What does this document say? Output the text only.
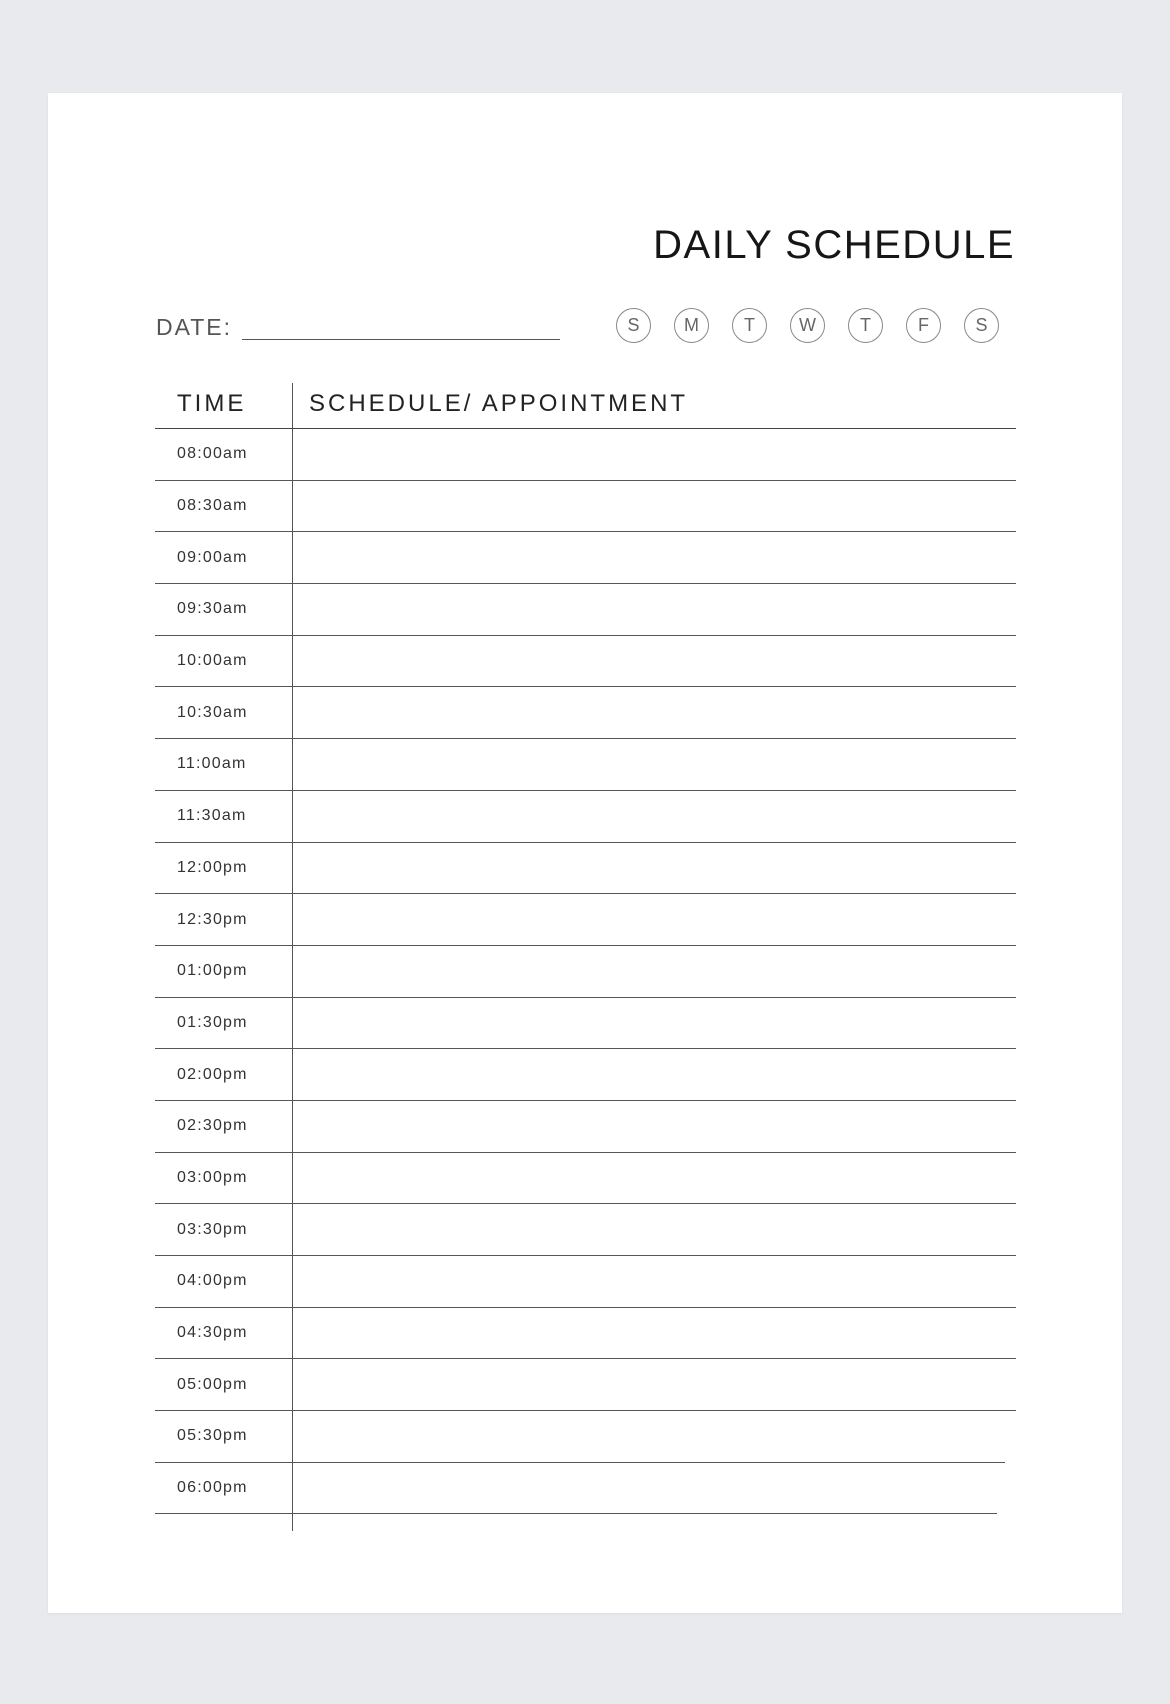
DAILY SCHEDULE
DATE:	S	M	T	W	T	F	S
TIME	SCHEDULE/ APPOINTMENT
08:00am
08:30am
09:00am
09:30am
10:00am
10:30am
11:00am
11:30am
12:00pm
12:30pm
01:00pm
01:30pm
02:00pm
02:30pm
03:00pm
03:30pm
04:00pm
04:30pm
05:00pm
05:30pm
06:00pm
